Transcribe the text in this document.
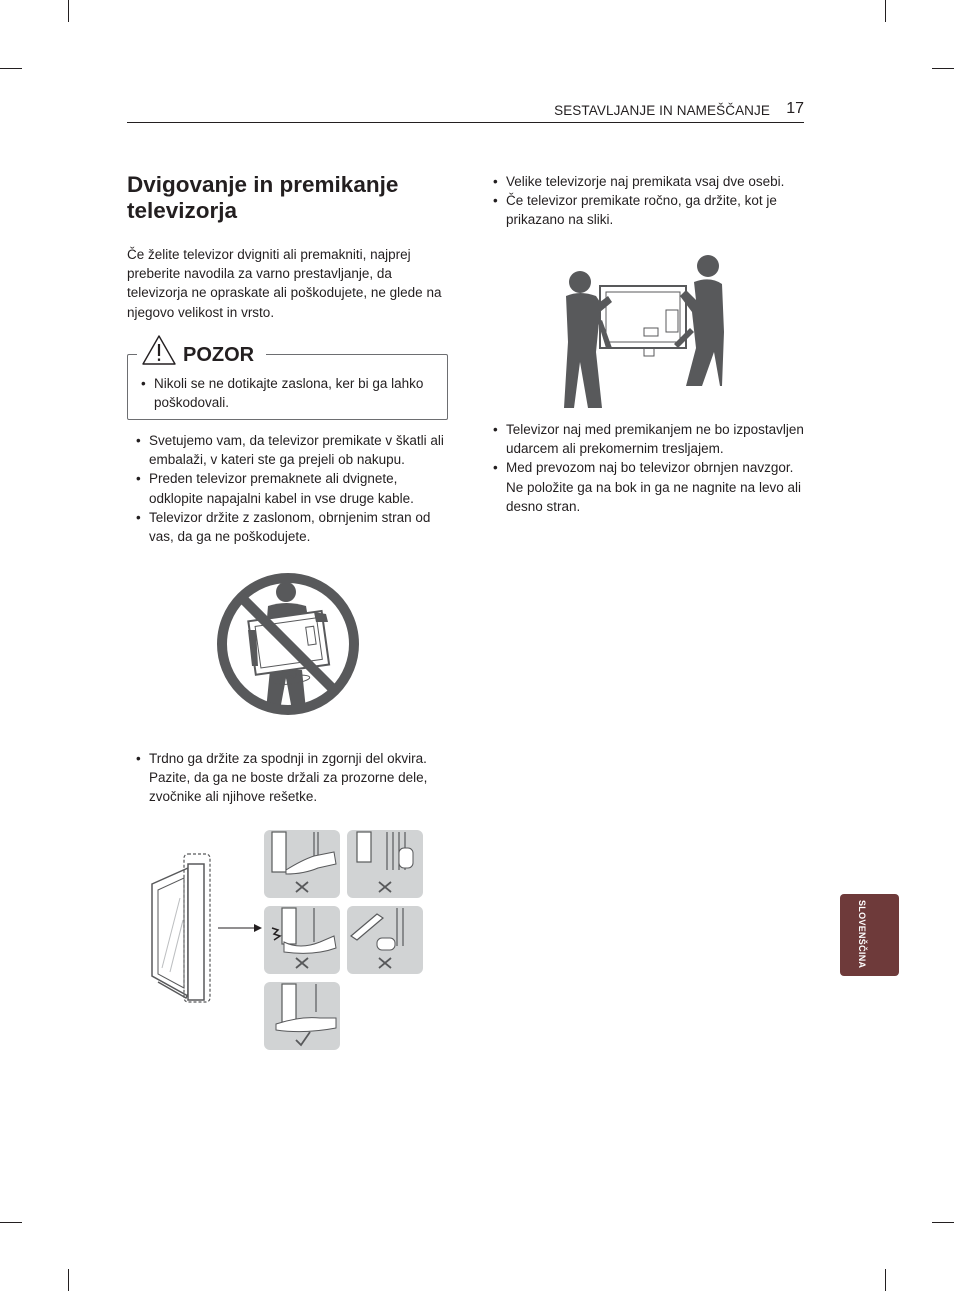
SESTAVLJANJE IN NAMEŠČANJE 17
Dvigovanje in premikanje televizorja

Če želite televizor dvigniti ali premakniti, najprej preberite navodila za varno prestavljanje, da televizorja ne opraskate ali poškodujete, ne glede na njegovo velikost in vrsto.

• Nikoli se ne dotikajte zaslona, ker bi ga lahko poškodovali.
POZOR
• Svetujemo vam, da televizor premikate v škatli ali embalaži, v kateri ste ga prejeli ob nakupu.
• Preden televizor premaknete ali dvignete, odklopite napajalni kabel in vse druge kable.
• Televizor držite z zaslonom, obrnjenim stran od vas, da ga ne poškodujete.
• Trdno ga držite za spodnji in zgornji del okvira. Pazite, da ga ne boste držali za prozorne dele, zvočnike ali njihove rešetke.
• Velike televizorje naj premikata vsaj dve osebi.
• Če televizor premikate ročno, ga držite, kot je prikazano na sliki.
• Televizor naj med premikanjem ne bo izpostavljen udarcem ali prekomernim tresljajem.
• Med prevozom naj bo televizor obrnjen navzgor. Ne položite ga na bok in ga ne nagnite na levo ali desno stran.
SLOVENŠČINA
